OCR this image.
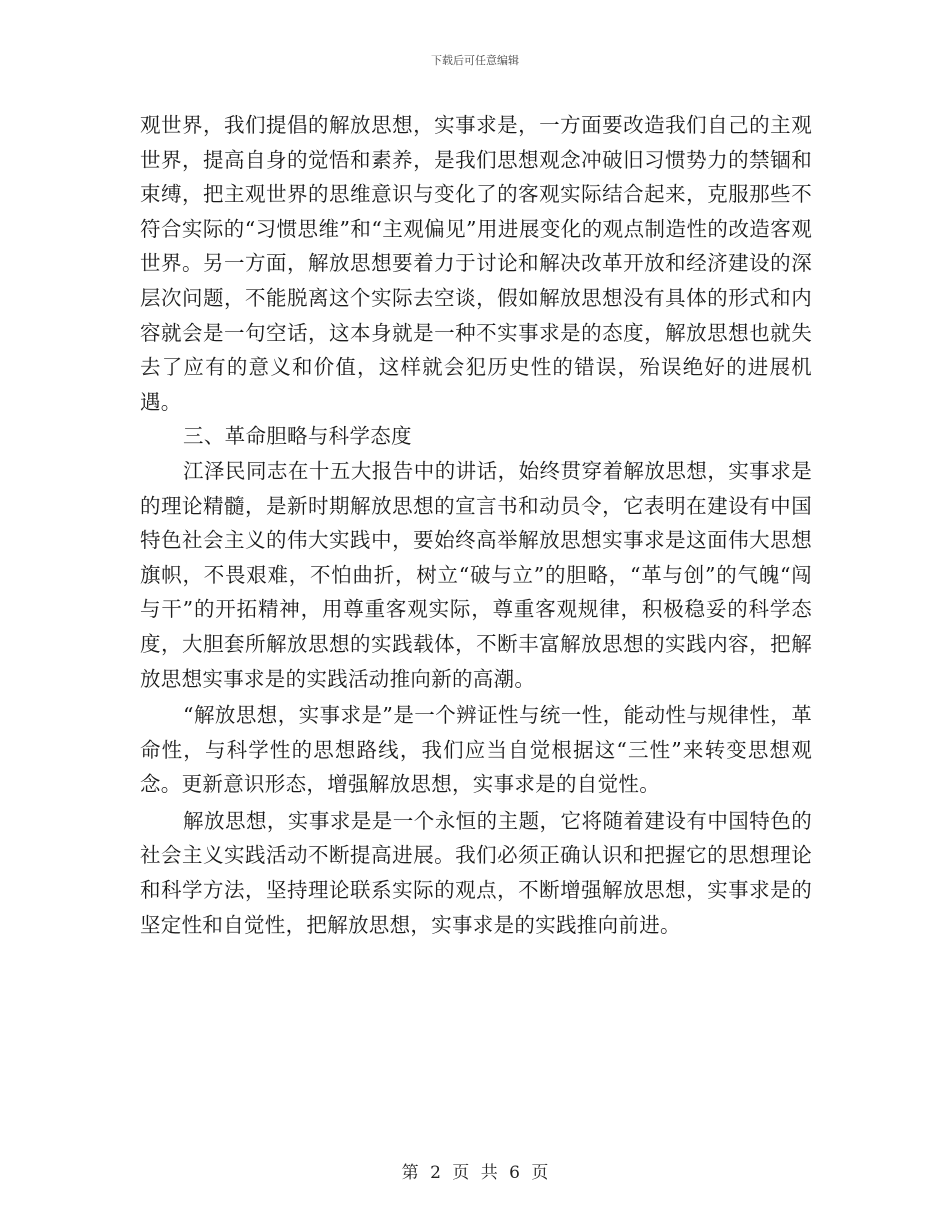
下载后可任意编辑

观世界，我们提倡的解放思想，实事求是，一方面要改造我们自己的主观世界，提高自身的觉悟和素养，是我们思想观念冲破旧习惯势力的禁锢和束缚，把主观世界的思维意识与变化了的客观实际结合起来，克服那些不符合实际的“习惯思维”和“主观偏见”用进展变化的观点制造性的改造客观世界。另一方面，解放思想要着力于讨论和解决改革开放和经济建设的深层次问题，不能脱离这个实际去空谈，假如解放思想没有具体的形式和内容就会是一句空话，这本身就是一种不实事求是的态度，解放思想也就失去了应有的意义和价值，这样就会犯历史性的错误，殆误绝好的进展机遇。

三、革命胆略与科学态度

江泽民同志在十五大报告中的讲话，始终贯穿着解放思想，实事求是的理论精髓，是新时期解放思想的宣言书和动员令，它表明在建设有中国特色社会主义的伟大实践中，要始终高举解放思想实事求是这面伟大思想旗帜，不畏艰难，不怕曲折，树立“破与立”的胆略，“革与创”的气魄“闯与干”的开拓精神，用尊重客观实际，尊重客观规律，积极稳妥的科学态度，大胆套所解放思想的实践载体，不断丰富解放思想的实践内容，把解放思想实事求是的实践活动推向新的高潮。

“解放思想，实事求是”是一个辨证性与统一性，能动性与规律性，革命性，与科学性的思想路线，我们应当自觉根据这“三性”来转变思想观念。更新意识形态，增强解放思想，实事求是的自觉性。

解放思想，实事求是是一个永恒的主题，它将随着建设有中国特色的社会主义实践活动不断提高进展。我们必须正确认识和把握它的思想理论和科学方法，坚持理论联系实际的观点，不断增强解放思想，实事求是的坚定性和自觉性，把解放思想，实事求是的实践推向前进。

第 2 页 共 6 页
